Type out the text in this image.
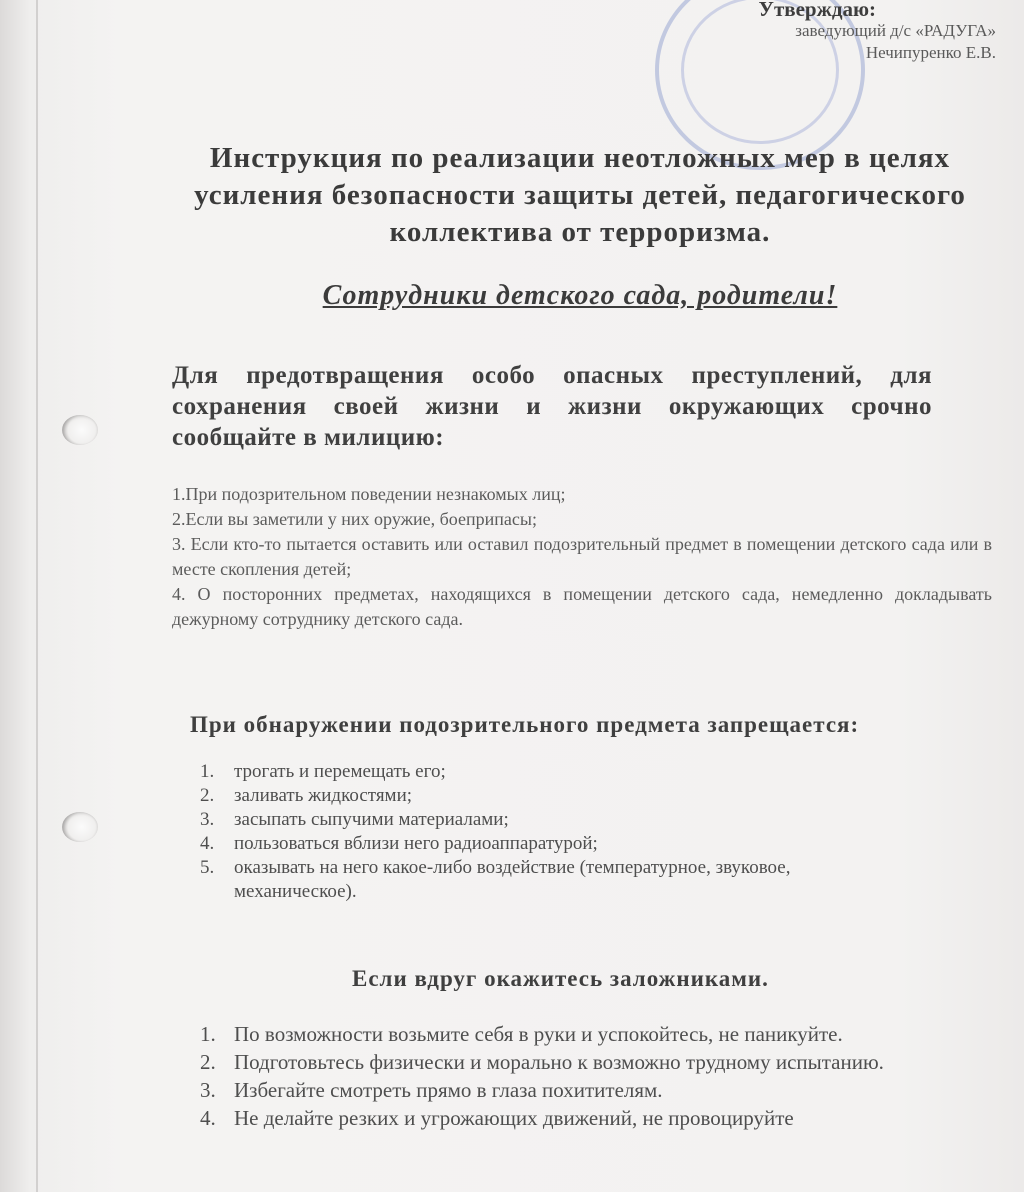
Утверждаю:
заведующий д/с «РАДУГА»
Нечипуренко Е.В.
Инструкция по реализации неотложных мер в целях усиления безопасности защиты детей, педагогического коллектива от терроризма.
Сотрудники детского сада, родители!
Для предотвращения особо опасных преступлений, для сохранения своей жизни и жизни окружающих срочно сообщайте в милицию:
1.При подозрительном поведении незнакомых лиц;
2.Если вы заметили у них оружие, боеприпасы;
3. Если кто-то пытается оставить или оставил подозрительный предмет в помещении детского сада или в месте скопления детей;
4. О посторонних предметах, находящихся в помещении детского сада, немедленно докладывать дежурному сотруднику детского сада.
При обнаружении подозрительного предмета запрещается:
1. трогать и перемещать его;
2. заливать жидкостями;
3. засыпать сыпучими материалами;
4. пользоваться вблизи него радиоаппаратурой;
5. оказывать на него какое-либо воздействие (температурное, звуковое, механическое).
Если вдруг окажитесь заложниками.
1. По возможности возьмите себя в руки и успокойтесь, не паникуйте.
2. Подготовьтесь физически и морально к возможно трудному испытанию.
3. Избегайте смотреть прямо в глаза похитителям.
4. Не делайте резких и угрожающих движений, не провоцируйте
